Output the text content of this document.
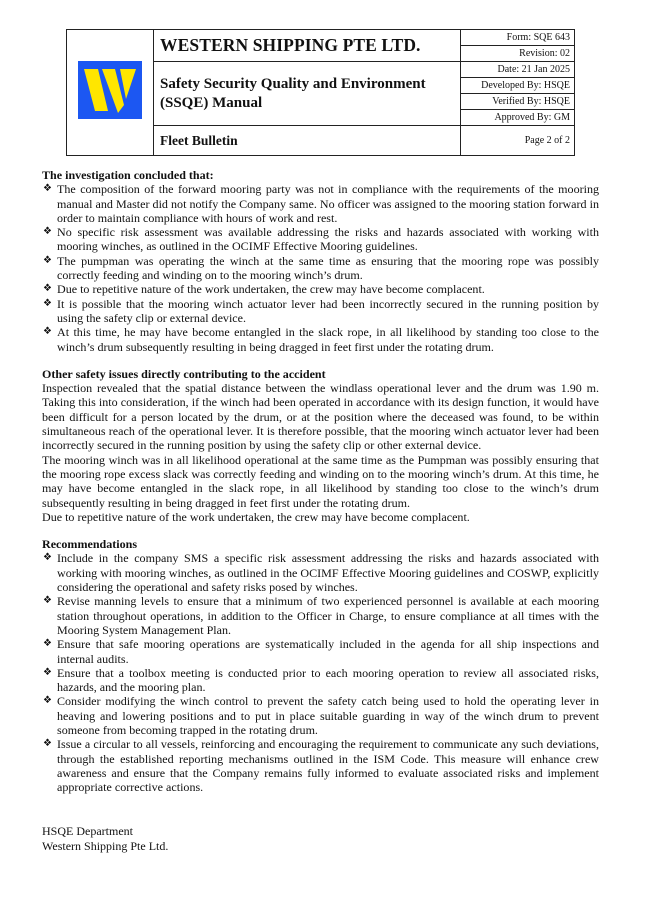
	WESTERN SHIPPING PTE LTD.	Form: SQE 643
		Revision: 02
	Safety Security Quality and Environment (SSQE) Manual	Date: 21 Jan 2025
		Developed By: HSQE
		Verified By: HSQE
		Approved By: GM
	Fleet Bulletin	Page 2 of 2

The investigation concluded that:

❖ The composition of the forward mooring party was not in compliance with the requirements of the mooring manual and Master did not notify the Company same. No officer was assigned to the mooring station forward in order to maintain compliance with hours of work and rest.
❖ No specific risk assessment was available addressing the risks and hazards associated with working with mooring winches, as outlined in the OCIMF Effective Mooring guidelines.
❖ The pumpman was operating the winch at the same time as ensuring that the mooring rope was possibly correctly feeding and winding on to the mooring winch’s drum.
❖ Due to repetitive nature of the work undertaken, the crew may have become complacent.
❖ It is possible that the mooring winch actuator lever had been incorrectly secured in the running position by using the safety clip or external device.
❖ At this time, he may have become entangled in the slack rope, in all likelihood by standing too close to the winch’s drum subsequently resulting in being dragged in feet first under the rotating drum.

Other safety issues directly contributing to the accident

Inspection revealed that the spatial distance between the windlass operational lever and the drum was 1.90 m. Taking this into consideration, if the winch had been operated in accordance with its design function, it would have been difficult for a person located by the drum, or at the position where the deceased was found, to be within simultaneous reach of the operational lever. It is therefore possible, that the mooring winch actuator lever had been incorrectly secured in the running position by using the safety clip or other external device.

The mooring winch was in all likelihood operational at the same time as the Pumpman was possibly ensuring that the mooring rope excess slack was correctly feeding and winding on to the mooring winch’s drum. At this time, he may have become entangled in the slack rope, in all likelihood by standing too close to the winch’s drum subsequently resulting in being dragged in feet first under the rotating drum.

Due to repetitive nature of the work undertaken, the crew may have become complacent.

Recommendations

❖ Include in the company SMS a specific risk assessment addressing the risks and hazards associated with working with mooring winches, as outlined in the OCIMF Effective Mooring guidelines and COSWP, explicitly considering the operational and safety risks posed by winches.
❖ Revise manning levels to ensure that a minimum of two experienced personnel is available at each mooring station throughout operations, in addition to the Officer in Charge, to ensure compliance at all times with the Mooring System Management Plan.
❖ Ensure that safe mooring operations are systematically included in the agenda for all ship inspections and internal audits.
❖ Ensure that a toolbox meeting is conducted prior to each mooring operation to review all associated risks, hazards, and the mooring plan.
❖ Consider modifying the winch control to prevent the safety catch being used to hold the operating lever in heaving and lowering positions and to put in place suitable guarding in way of the winch drum to prevent someone from becoming trapped in the rotating drum.
❖ Issue a circular to all vessels, reinforcing and encouraging the requirement to communicate any such deviations, through the established reporting mechanisms outlined in the ISM Code. This measure will enhance crew awareness and ensure that the Company remains fully informed to evaluate associated risks and implement appropriate corrective actions.
HSQE Department
Western Shipping Pte Ltd.
